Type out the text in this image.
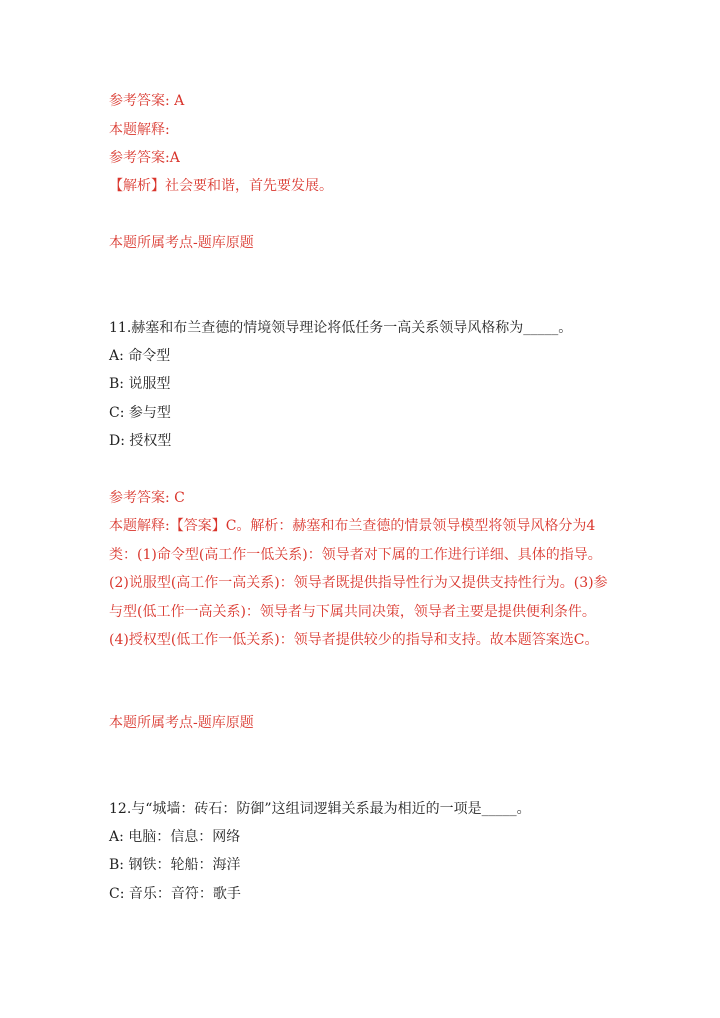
参考答案: A
本题解释:
参考答案:A
【解析】社会要和谐，首先要发展。
本题所属考点-题库原题
11.赫塞和布兰查德的情境领导理论将低任务一高关系领导风格称为_____。
A: 命令型
B: 说服型
C: 参与型
D: 授权型
参考答案: C
本题解释:【答案】C。解析：赫塞和布兰查德的情景领导模型将领导风格分为4类：(1)命令型(高工作一低关系)：领导者对下属的工作进行详细、具体的指导。(2)说服型(高工作一高关系)：领导者既提供指导性行为又提供支持性行为。(3)参与型(低工作一高关系)：领导者与下属共同决策，领导者主要是提供便利条件。(4)授权型(低工作一低关系)：领导者提供较少的指导和支持。故本题答案选C。
本题所属考点-题库原题
12.与“城墙：砖石：防御”这组词逻辑关系最为相近的一项是_____。
A: 电脑：信息：网络
B: 钢铁：轮船：海洋
C: 音乐：音符：歌手
